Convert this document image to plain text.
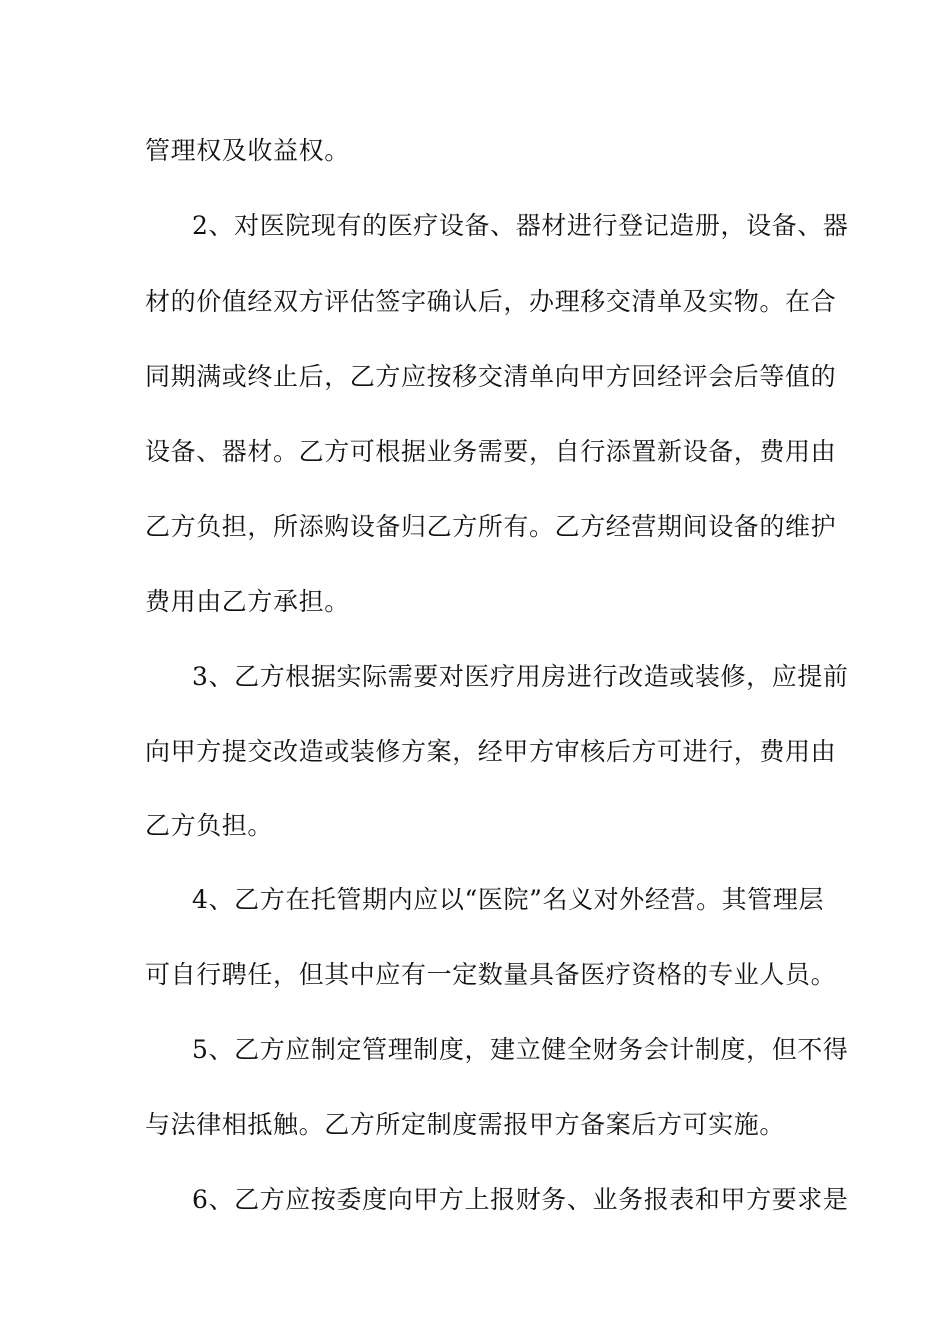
管理权及收益权。
2、对医院现有的医疗设备、器材进行登记造册，设备、器
材的价值经双方评估签字确认后，办理移交清单及实物。在合
同期满或终止后，乙方应按移交清单向甲方回经评会后等值的
设备、器材。乙方可根据业务需要，自行添置新设备，费用由
乙方负担，所添购设备归乙方所有。乙方经营期间设备的维护
费用由乙方承担。
3、乙方根据实际需要对医疗用房进行改造或装修，应提前
向甲方提交改造或装修方案，经甲方审核后方可进行，费用由
乙方负担。
4、乙方在托管期内应以“医院”名义对外经营。其管理层
可自行聘任，但其中应有一定数量具备医疗资格的专业人员。
5、乙方应制定管理制度，建立健全财务会计制度，但不得
与法律相抵触。乙方所定制度需报甲方备案后方可实施。
6、乙方应按委度向甲方上报财务、业务报表和甲方要求是
